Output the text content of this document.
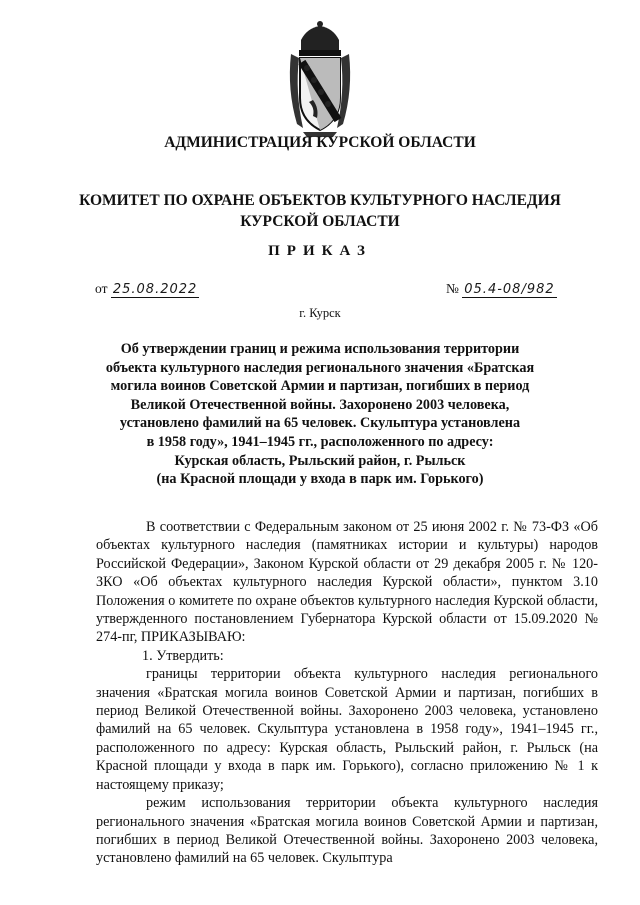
АДМИНИСТРАЦИЯ КУРСКОЙ ОБЛАСТИ
КОМИТЕТ ПО ОХРАНЕ ОБЪЕКТОВ КУЛЬТУРНОГО НАСЛЕДИЯ
КУРСКОЙ ОБЛАСТИ
ПРИКАЗ
от 25.08.2022	№ 05.4-08/982
г. Курск
Об утверждении границ и режима использования территории
объекта культурного наследия регионального значения «Братская
могила воинов Советской Армии и партизан, погибших в период
Великой Отечественной войны. Захоронено 2003 человека,
установлено фамилий на 65 человек. Скульптура установлена
в 1958 году», 1941–1945 гг., расположенного по адресу:
Курская область, Рыльский район, г. Рыльск
(на Красной площади у входа в парк им. Горького)

В соответствии с Федеральным законом от 25 июня 2002 г. № 73-ФЗ «Об объектах культурного наследия (памятниках истории и культуры) народов Российской Федерации», Законом Курской области от 29 декабря 2005 г. № 120-ЗКО «Об объектах культурного наследия Курской области», пунктом 3.10 Положения о комитете по охране объектов культурного наследия Курской области, утвержденного постановлением Губернатора Курской области от 15.09.2020 № 274-пг, ПРИКАЗЫВАЮ:

1. Утвердить:

границы территории объекта культурного наследия регионального значения «Братская могила воинов Советской Армии и партизан, погибших в период Великой Отечественной войны. Захоронено 2003 человека, установлено фамилий на 65 человек. Скульптура установлена в 1958 году», 1941–1945 гг., расположенного по адресу: Курская область, Рыльский район, г. Рыльск (на Красной площади у входа в парк им. Горького), согласно приложению № 1 к настоящему приказу;

режим использования территории объекта культурного наследия регионального значения «Братская могила воинов Советской Армии и партизан, погибших в период Великой Отечественной войны. Захоронено 2003 человека, установлено фамилий на 65 человек. Скульптура
